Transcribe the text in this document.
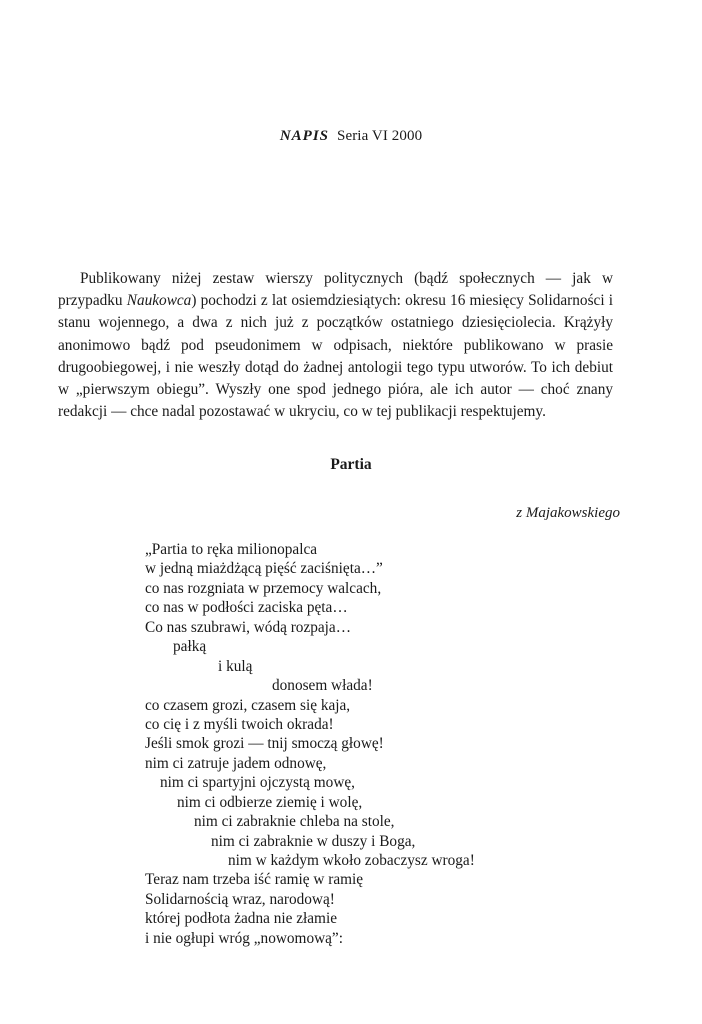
NAPIS Seria VI 2000

Publikowany niżej zestaw wierszy politycznych (bądź społecznych — jak w przypadku Naukowca) pochodzi z lat osiemdziesiątych: okresu 16 miesięcy Solidarności i stanu wojennego, a dwa z nich już z początków ostatniego dziesięciolecia. Krążyły anonimowo bądź pod pseudonimem w odpisach, niektóre publikowano w prasie drugoobiegowej, i nie weszły dotąd do żadnej antologii tego typu utworów. To ich debiut w „pierwszym obiegu”. Wyszły one spod jednego pióra, ale ich autor — choć znany redakcji — chce nadal pozostawać w ukryciu, co w tej publikacji respektujemy.

Partia
z Majakowskiego
„Partia to ręka milionopalca
w jedną miażdżącą pięść zaciśnięta…”
co nas rozgniata w przemocy walcach,
co nas w podłości zaciska pęta…
Co nas szubrawi, wódą rozpaja…
pałką
i kulą
donosem włada!
co czasem grozi, czasem się kaja,
co cię i z myśli twoich okrada!
Jeśli smok grozi — tnij smoczą głowę!
nim ci zatruje jadem odnowę,
nim ci spartyjni ojczystą mowę,
nim ci odbierze ziemię i wolę,
nim ci zabraknie chleba na stole,
nim ci zabraknie w duszy i Boga,
nim w każdym wkoło zobaczysz wroga!
Teraz nam trzeba iść ramię w ramię
Solidarnością wraz, narodową!
której podłota żadna nie złamie
i nie ogłupi wróg „nowomową”:
